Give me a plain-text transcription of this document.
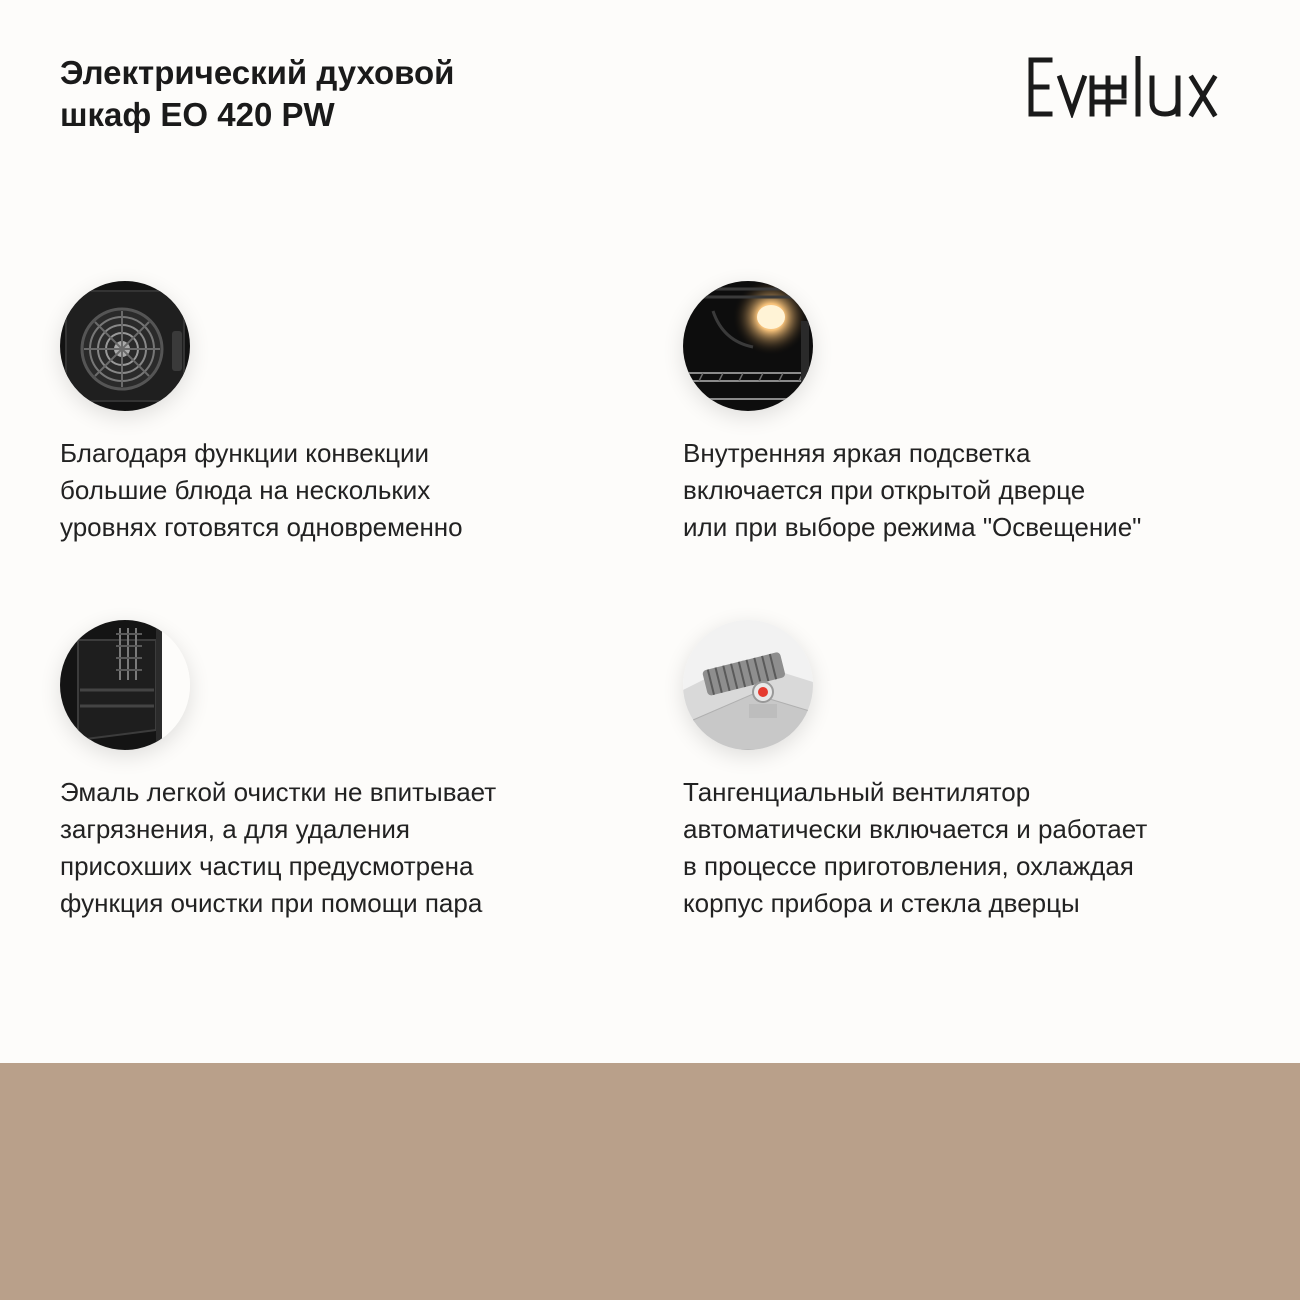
Электрический духовой
шкаф EO 420 PW
Благодаря функции конвекции
большие блюда на нескольких
уровнях готовятся одновременно
Внутренняя яркая подсветка
включается при открытой дверце
или при выборе режима "Освещение"
Эмаль легкой очистки не впитывает
загрязнения, а для удаления
присохших частиц предусмотрена
функция очистки при помощи пара
Тангенциальный вентилятор
автоматически включается и работает
в процессе приготовления, охлаждая
корпус прибора и стекла дверцы
